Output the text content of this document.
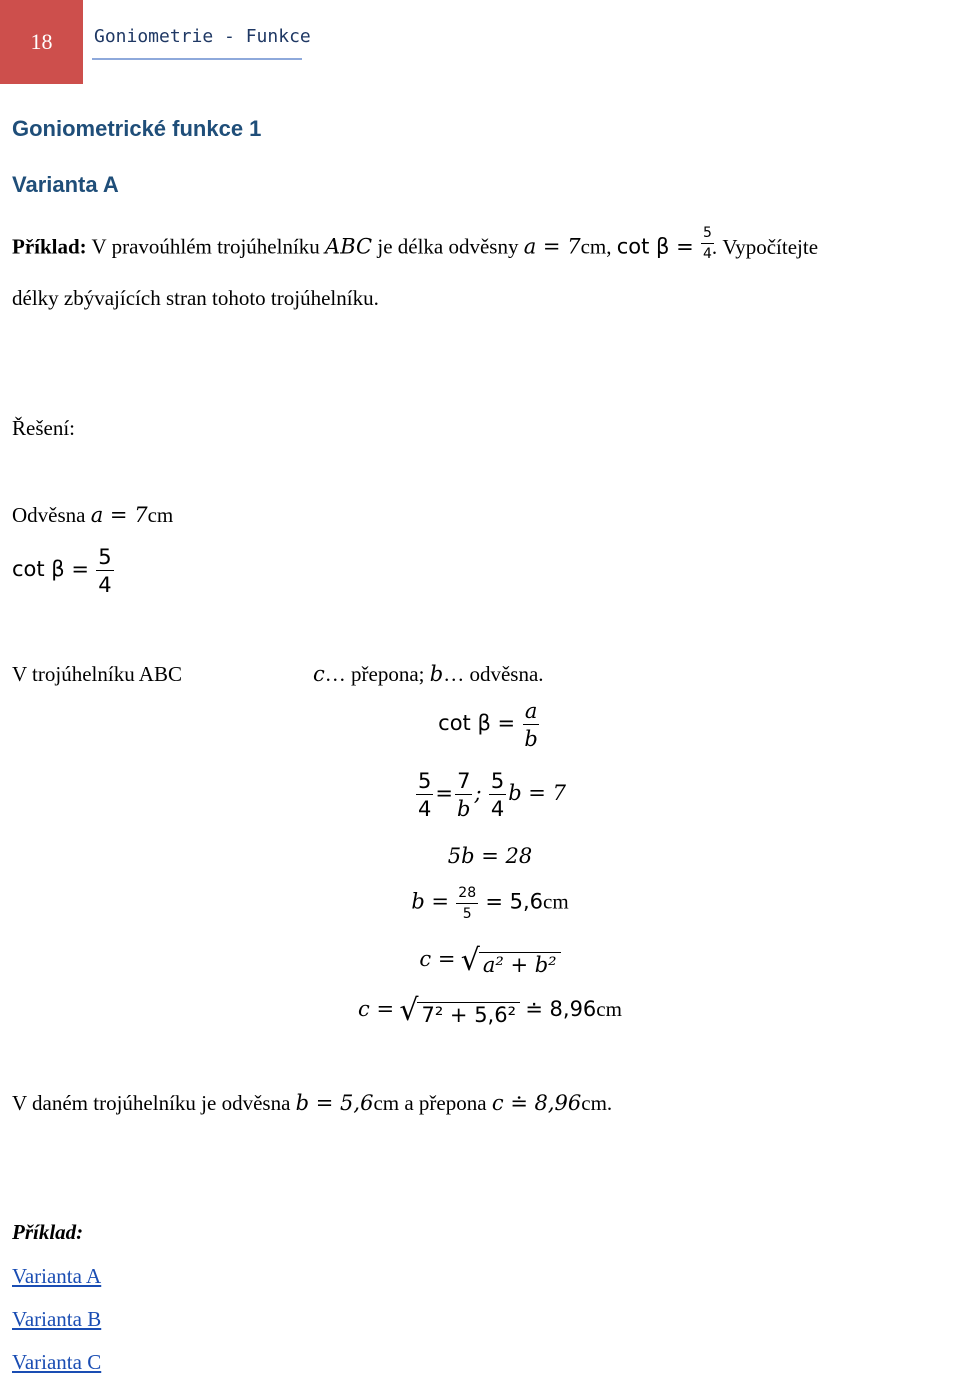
18 Goniometrie - Funkce
Goniometrické funkce 1
Varianta A
Příklad: V pravoúhlém trojúhelníku ABC je délka odvěsny a = 7cm, $\cot \beta = \frac{5}{4}$
. Vypočítejte
délky zbývajících stran tohoto trojúhelníku.
Řešení:
Odvěsna a = 7cm
$\cot \beta = \frac{5}{4}$
V trojúhelníku ABC	c… přepona; b… odvěsna.
$\cot \beta = \frac{a}{b}$
$\frac{5}{4} = \frac{7}{b}$ ; $\frac{5}{4}$ b = 7
5b = 28
$b = \frac{28}{5} = 5,6cm$
c = √ a² + b²
c = √ 7² + 5,6² ≐ 8,96cm
V daném trojúhelníku je odvěsna b = 5,6cm a přepona c ≐ 8,96cm.
Příklad:
Varianta A
Varianta B
Varianta C
